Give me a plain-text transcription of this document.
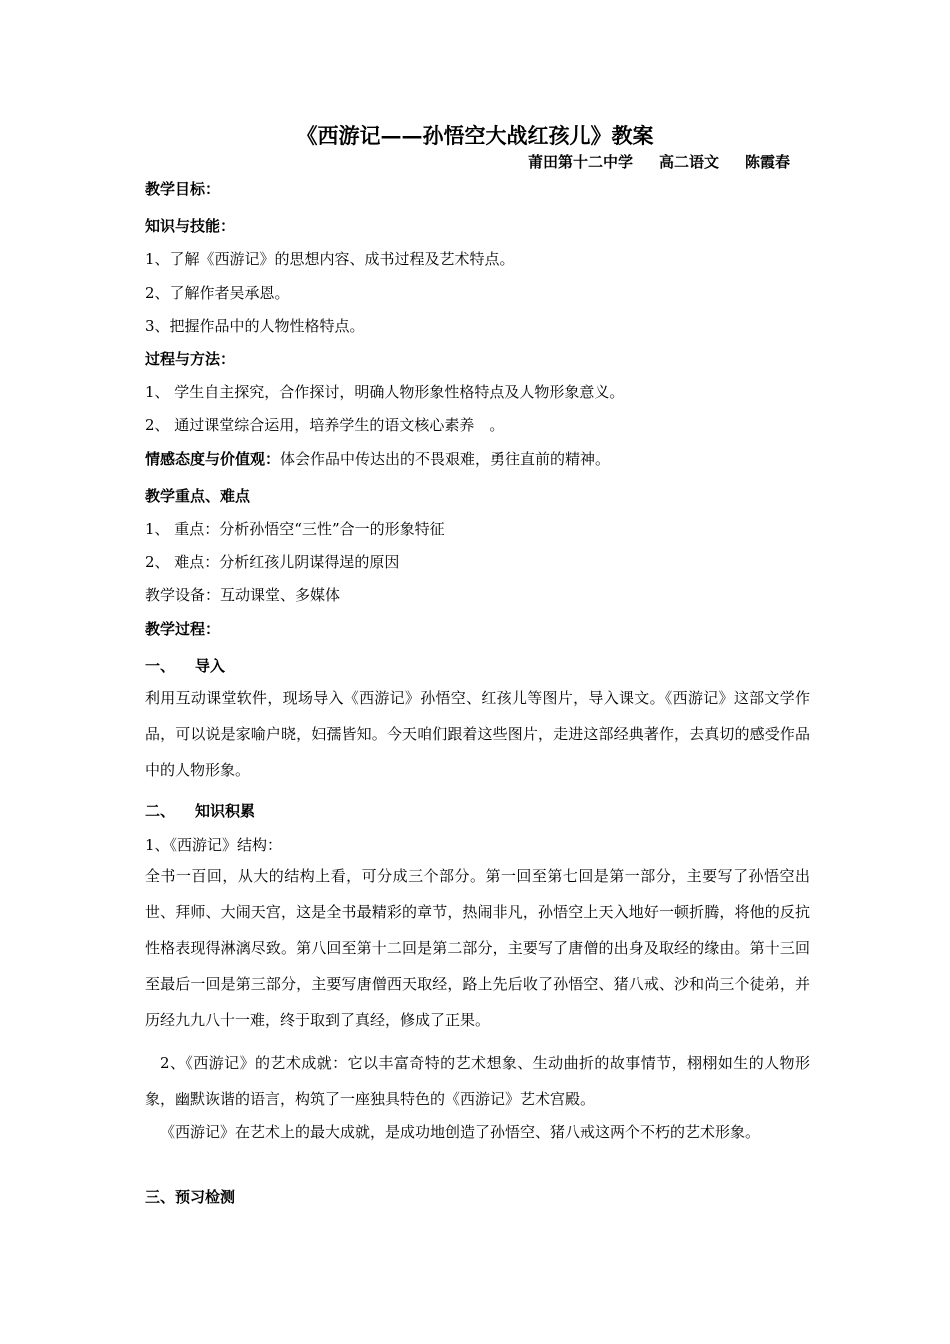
《西游记——孙悟空大战红孩儿》教案
莆田第十二中学 高二语文 陈霞春
教学目标：
知识与技能：
1、了解《西游记》的思想内容、成书过程及艺术特点。
2、了解作者吴承恩。
3、把握作品中的人物性格特点。
过程与方法：
1、 学生自主探究，合作探讨，明确人物形象性格特点及人物形象意义。
2、 通过课堂综合运用，培养学生的语文核心素养　。
情感态度与价值观：体会作品中传达出的不畏艰难，勇往直前的精神。
教学重点、难点
1、 重点：分析孙悟空“三性”合一的形象特征
2、 难点：分析红孩儿阴谋得逞的原因
教学设备：互动课堂、多媒体
教学过程：
一、 导入
利用互动课堂软件，现场导入《西游记》孙悟空、红孩儿等图片，导入课文。《西游记》这部文学作品，可以说是家喻户晓，妇孺皆知。今天咱们跟着这些图片，走进这部经典著作，去真切的感受作品中的人物形象。
二、 知识积累
1、《西游记》结构：
全书一百回，从大的结构上看，可分成三个部分。第一回至第七回是第一部分，主要写了孙悟空出世、拜师、大闹天宫，这是全书最精彩的章节，热闹非凡，孙悟空上天入地好一顿折腾，将他的反抗性格表现得淋漓尽致。第八回至第十二回是第二部分，主要写了唐僧的出身及取经的缘由。第十三回至最后一回是第三部分，主要写唐僧西天取经，路上先后收了孙悟空、猪八戒、沙和尚三个徒弟，并历经九九八十一难，终于取到了真经，修成了正果。
2、《西游记》的艺术成就：它以丰富奇特的艺术想象、生动曲折的故事情节，栩栩如生的人物形象，幽默诙谐的语言，构筑了一座独具特色的《西游记》艺术宫殿。
《西游记》在艺术上的最大成就，是成功地创造了孙悟空、猪八戒这两个不朽的艺术形象。
三、预习检测
